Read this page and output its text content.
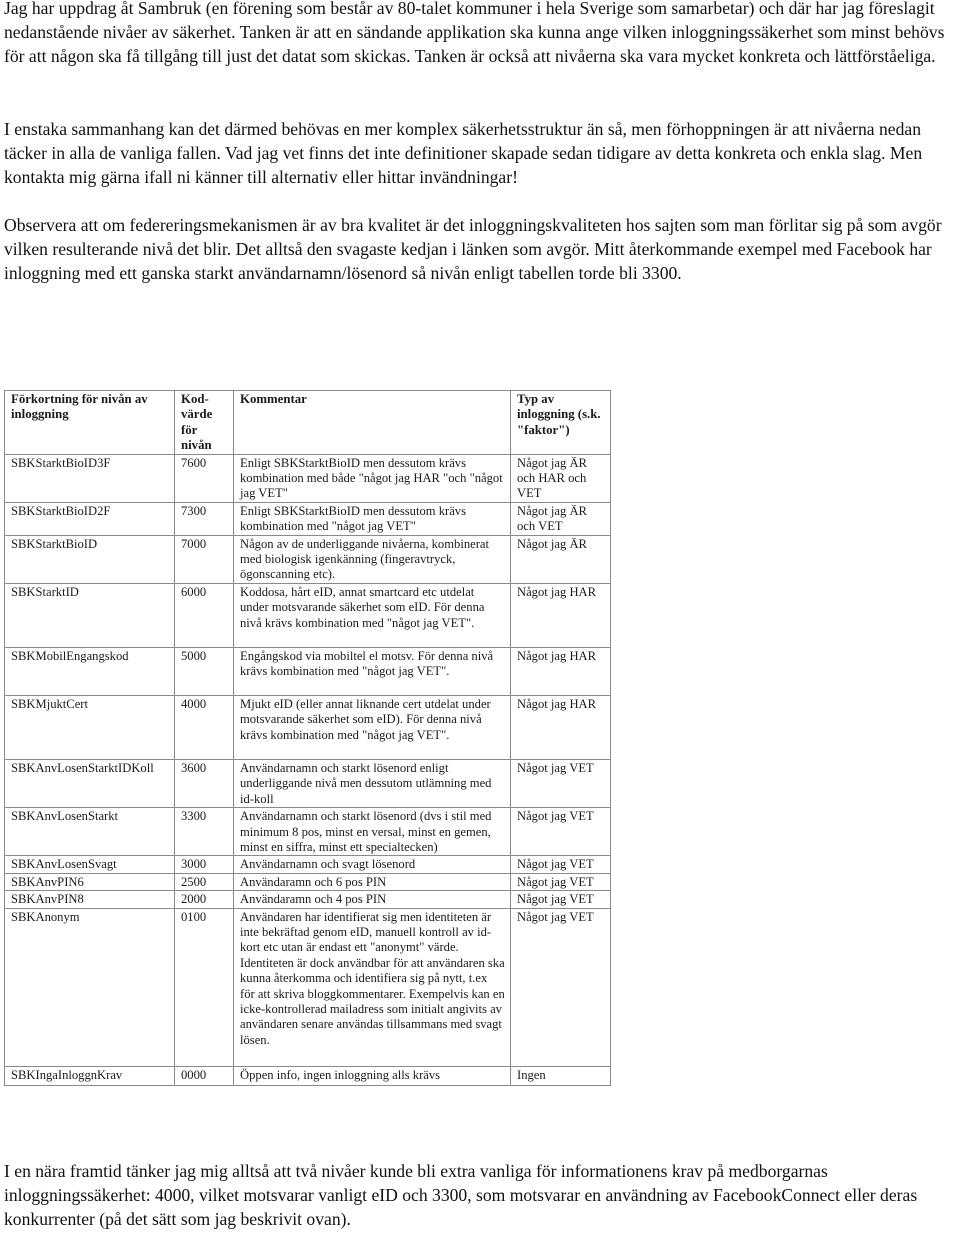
Jag har uppdrag åt Sambruk (en förening som består av 80-talet kommuner i hela Sverige som samarbetar) och där har jag föreslagit nedanstående nivåer av säkerhet. Tanken är att en sändande applikation ska kunna ange vilken inloggningssäkerhet som minst behövs för att någon ska få tillgång till just det datat som skickas. Tanken är också att nivåerna ska vara mycket konkreta och lättförståeliga.

I enstaka sammanhang kan det därmed behövas en mer komplex säkerhetsstruktur än så, men förhoppningen är att nivåerna nedan täcker in alla de vanliga fallen. Vad jag vet finns det inte definitioner skapade sedan tidigare av detta konkreta och enkla slag. Men kontakta mig gärna ifall ni känner till alternativ eller hittar invändningar!

Observera att om federeringsmekanismen är av bra kvalitet är det inloggningskvaliteten hos sajten som man förlitar sig på som avgör vilken resulterande nivå det blir. Det alltså den svagaste kedjan i länken som avgör. Mitt återkommande exempel med Facebook har inloggning med ett ganska starkt användarnamn/lösenord så nivån enligt tabellen torde bli 3300.

Förkortning för nivån av inloggning	Kod-värde för nivån	Kommentar	Typ av inloggning (s.k. "faktor")
SBKStarktBioID3F	7600	Enligt SBKStarktBioID men dessutom krävs kombination med både "något jag HAR "och "något jag VET"	Något jag ÄR och HAR och VET
SBKStarktBioID2F	7300	Enligt SBKStarktBioID men dessutom krävs kombination med "något jag VET"	Något jag ÄR och VET
SBKStarktBioID	7000	Någon av de underliggande nivåerna, kombinerat med biologisk igenkänning (fingeravtryck, ögonscanning etc).	Något jag ÄR
SBKStarktID	6000	Koddosa, hårt eID, annat smartcard etc utdelat under motsvarande säkerhet som eID. För denna nivå krävs kombination med "något jag VET".	Något jag HAR
SBKMobilEngangskod	5000	Engångskod via mobiltel el motsv. För denna nivå krävs kombination med "något jag VET".	Något jag HAR
SBKMjuktCert	4000	Mjukt eID (eller annat liknande cert utdelat under motsvarande säkerhet som eID). För denna nivå krävs kombination med "något jag VET".	Något jag HAR
SBKAnvLosenStarktIDKoll	3600	Användarnamn och starkt lösenord enligt underliggande nivå men dessutom utlämning med id-koll	Något jag VET
SBKAnvLosenStarkt	3300	Användarnamn och starkt lösenord (dvs i stil med minimum 8 pos, minst en versal, minst en gemen, minst en siffra, minst ett specialtecken)	Något jag VET
SBKAnvLosenSvagt	3000	Användarnamn och svagt lösenord	Något jag VET
SBKAnvPIN6	2500	Användaramn och 6 pos PIN	Något jag VET
SBKAnvPIN8	2000	Användaramn och 4 pos PIN	Något jag VET
SBKAnonym	0100	Användaren har identifierat sig men identiteten är inte bekräftad genom eID, manuell kontroll av id-kort etc utan är endast ett "anonymt" värde. Identiteten är dock användbar för att användaren ska kunna återkomma och identifiera sig på nytt, t.ex för att skriva bloggkommentarer. Exempelvis kan en icke-kontrollerad mailadress som initialt angivits av användaren senare användas tillsammans med svagt lösen.	Något jag VET
SBKIngaInloggnKrav	0000	Öppen info, ingen inloggning alls krävs	Ingen

I en nära framtid tänker jag mig alltså att två nivåer kunde bli extra vanliga för informationens krav på medborgarnas inloggningssäkerhet: 4000, vilket motsvarar vanligt eID och 3300, som motsvarar en användning av FacebookConnect eller deras konkurrenter (på det sätt som jag beskrivit ovan).
